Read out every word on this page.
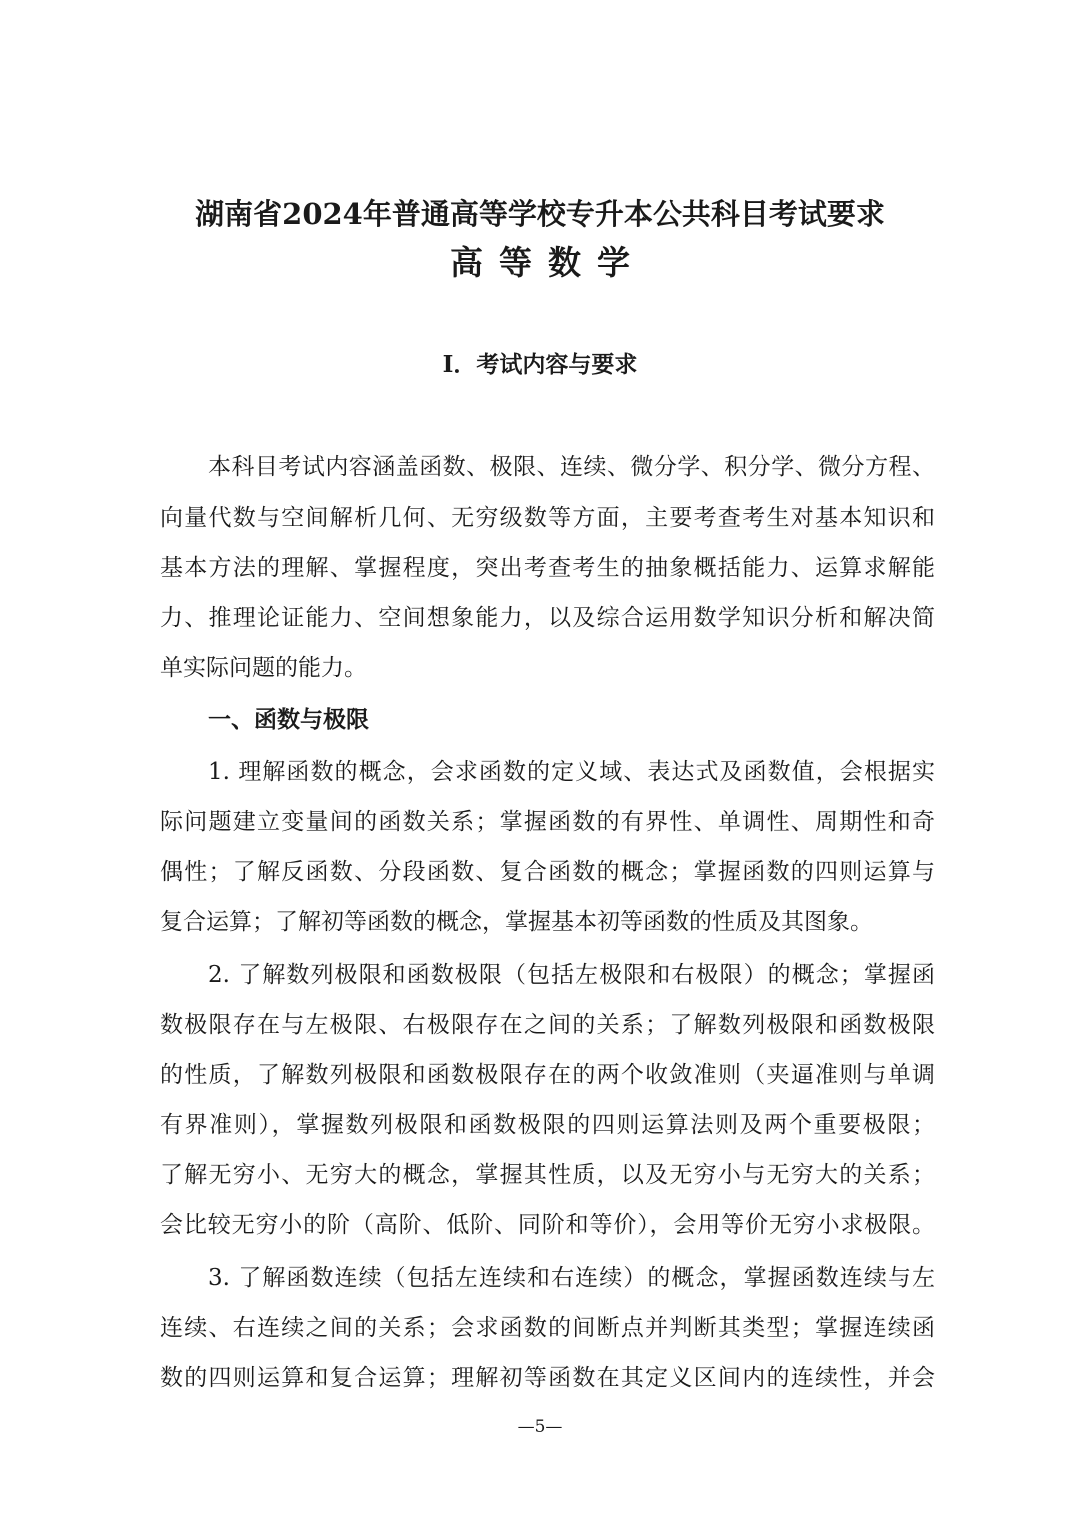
湖南省2024年普通高等学校专升本公共科目考试要求
高等数学
I．考试内容与要求

本科目考试内容涵盖函数、极限、连续、微分学、积分学、微分方程、

向量代数与空间解析几何、无穷级数等方面，主要考查考生对基本知识和

基本方法的理解、掌握程度，突出考查考生的抽象概括能力、运算求解能

力、推理论证能力、空间想象能力，以及综合运用数学知识分析和解决简

单实际问题的能力。

一、函数与极限

1. 理解函数的概念，会求函数的定义域、表达式及函数值，会根据实

际问题建立变量间的函数关系；掌握函数的有界性、单调性、周期性和奇

偶性；了解反函数、分段函数、复合函数的概念；掌握函数的四则运算与

复合运算；了解初等函数的概念，掌握基本初等函数的性质及其图象。

2. 了解数列极限和函数极限（包括左极限和右极限）的概念；掌握函

数极限存在与左极限、右极限存在之间的关系；了解数列极限和函数极限

的性质，了解数列极限和函数极限存在的两个收敛准则（夹逼准则与单调

有界准则），掌握数列极限和函数极限的四则运算法则及两个重要极限；

了解无穷小、无穷大的概念，掌握其性质，以及无穷小与无穷大的关系；

会比较无穷小的阶（高阶、低阶、同阶和等价），会用等价无穷小求极限。

3. 了解函数连续（包括左连续和右连续）的概念，掌握函数连续与左

连续、右连续之间的关系；会求函数的间断点并判断其类型；掌握连续函

数的四则运算和复合运算；理解初等函数在其定义区间内的连续性，并会

—5—
